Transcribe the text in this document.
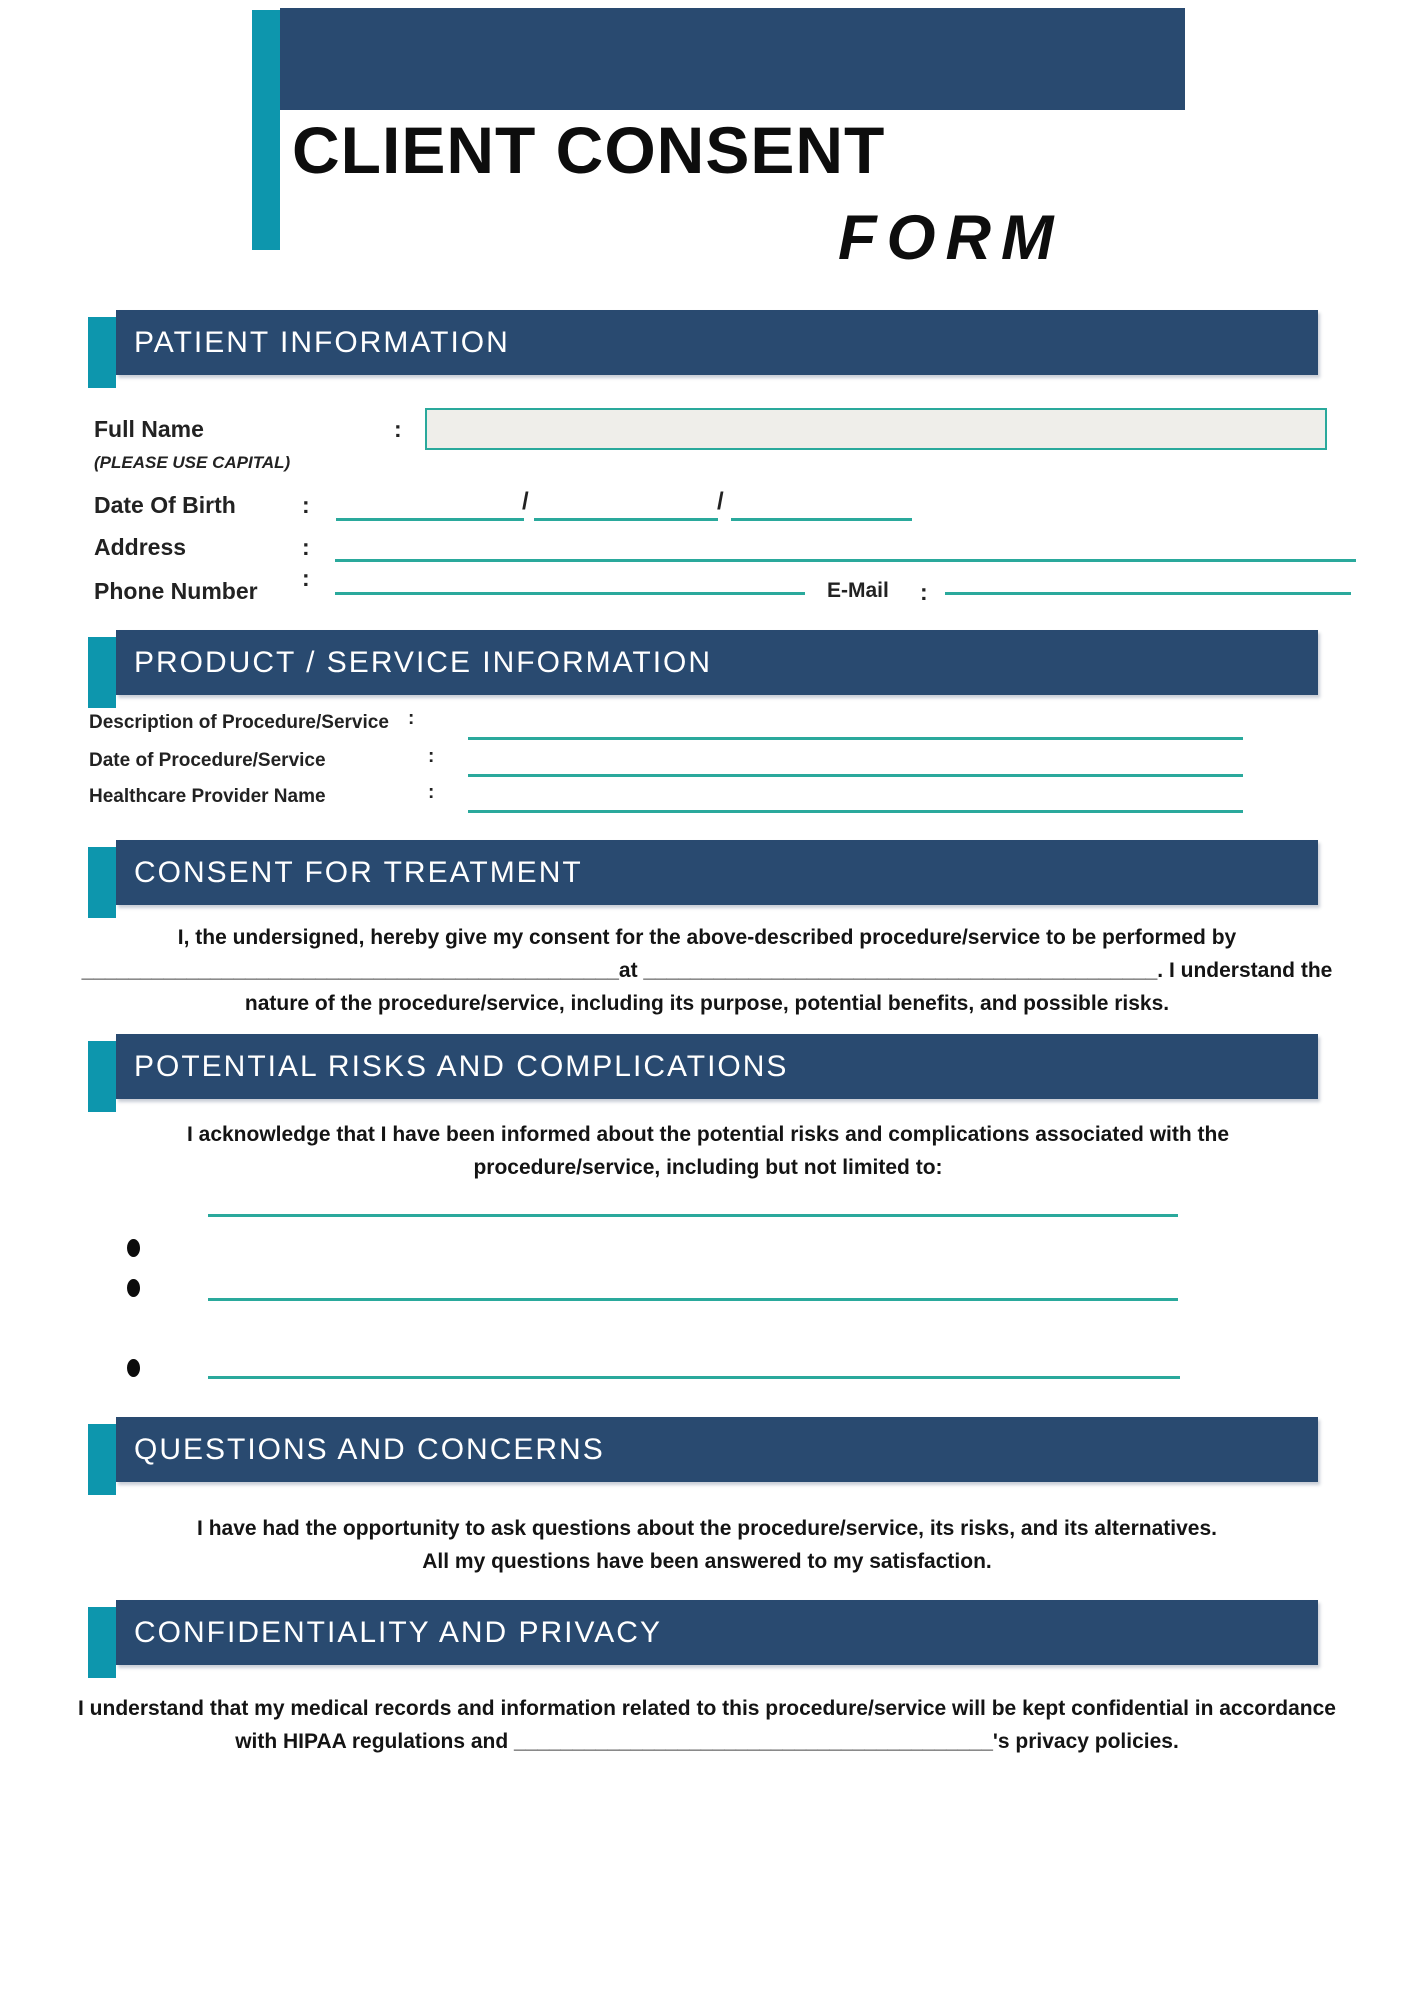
CLIENT CONSENT
FORM
PATIENT INFORMATION
Full Name	:
(PLEASE USE CAPITAL)
Date Of Birth	:	/	/
Address	:
Phone Number :	E-Mail :
PRODUCT / SERVICE INFORMATION
Description of Procedure/Service :
Date of Procedure/Service	:
Healthcare Provider Name	:
CONSENT FOR TREATMENT
I, the undersigned, hereby give my consent for the above-described procedure/service to be performed by
______________________________________________at ____________________________________________. I understand the
nature of the procedure/service, including its purpose, potential benefits, and possible risks.
POTENTIAL RISKS AND COMPLICATIONS
I acknowledge that I have been informed about the potential risks and complications associated with the
procedure/service, including but not limited to:
QUESTIONS AND CONCERNS
I have had the opportunity to ask questions about the procedure/service, its risks, and its alternatives.
All my questions have been answered to my satisfaction.
CONFIDENTIALITY AND PRIVACY
I understand that my medical records and information related to this procedure/service will be kept confidential in accordance
with HIPAA regulations and _________________________________________'s privacy policies.
